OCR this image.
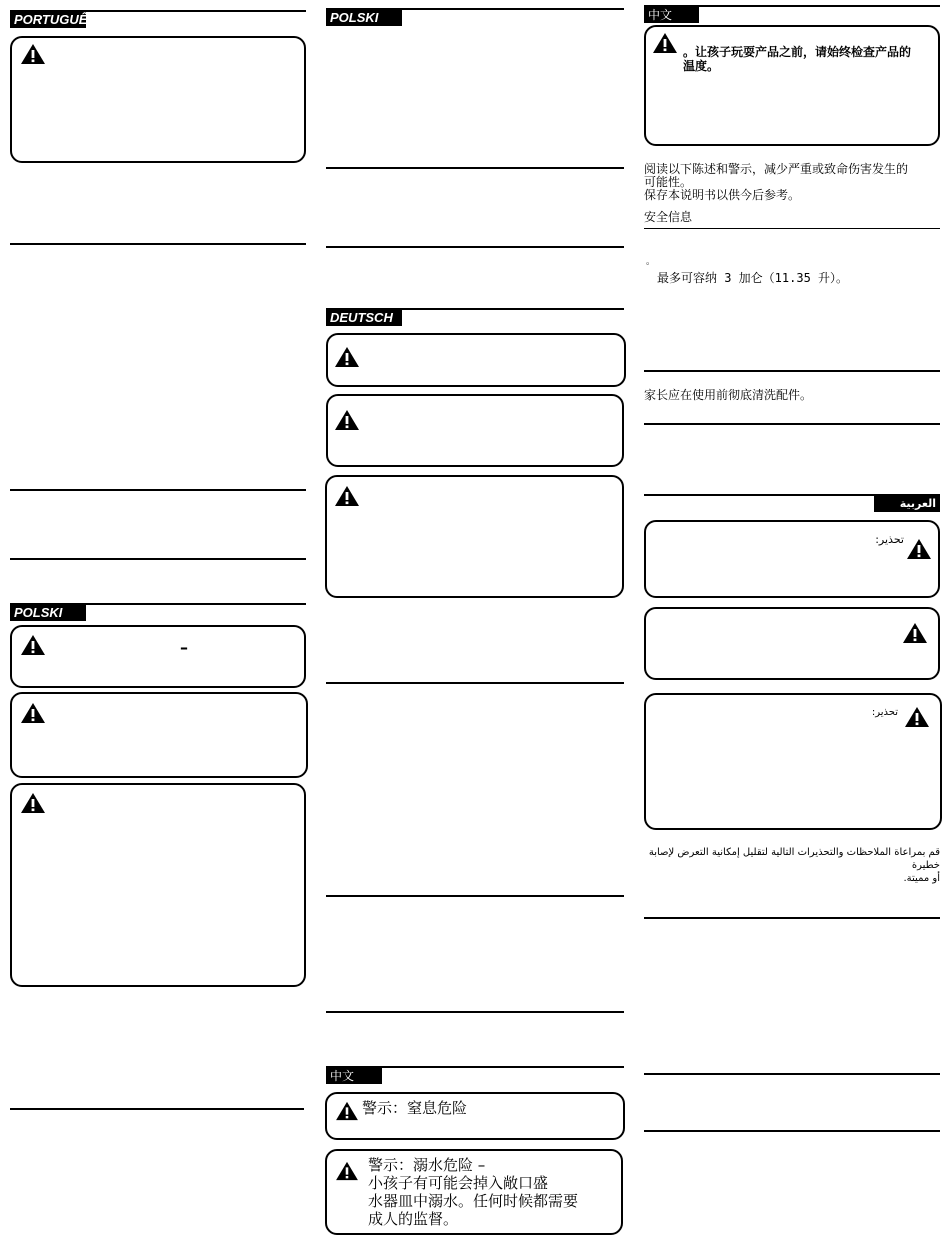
PORTUGUÊS
POLSKI
–
POLSKI
DEUTSCH
中文
警示：窒息危险
警示：溺水危险 –
小孩子有可能会掉入敞口盛
水器皿中溺水。任何时候都需要
成人的监督。
中文
。让孩子玩耍产品之前，请始终检查产品的
温度。
阅读以下陈述和警示，减少严重或致命伤害发生的
可能性。
保存本说明书以供今后参考。
安全信息
。
最多可容纳 3 加仑（11.35 升）。
家长应在使用前彻底清洗配件。
العربية
تحذير:
تحذير:
قم بمراعاة الملاحظات والتحذيرات التالية لتقليل إمكانية التعرض لإصابة خطيرة
أو مميتة.
